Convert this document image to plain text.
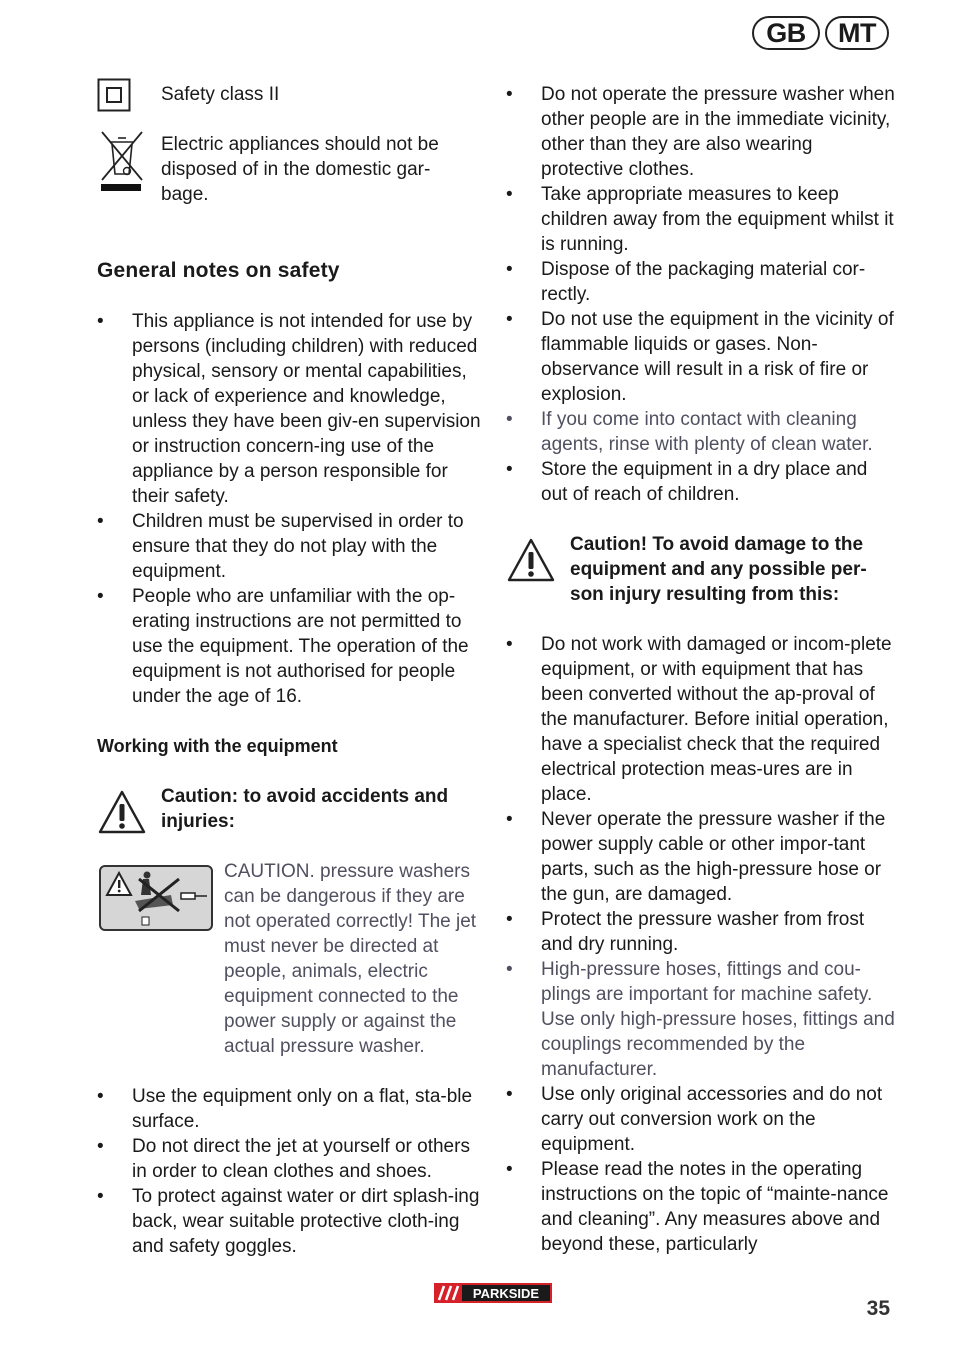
GB	MT
Safety class II
Electric appliances should not be disposed of in the domestic gar-bage.
General notes on safety
•	This appliance is not intended for use by persons (including children) with reduced physical, sensory or mental capabilities, or lack of experience and knowledge, unless they have been giv-en supervision or instruction concern-ing use of the appliance by a person responsible for their safety.
•	Children must be supervised in order to ensure that they do not play with the equipment.
•	People who are unfamiliar with the op-erating instructions are not permitted to use the equipment. The operation of the equipment is not authorised for people under the age of 16.
Working with the equipment
Caution: to avoid accidents and injuries:
CAUTION. pressure washers can be dangerous if they are not operated correctly! The jet must never be directed at people, animals, electric equipment connected to the power supply or against the actual pressure washer.
•	Use the equipment only on a flat, sta-ble surface.
•	Do not direct the jet at yourself or others in order to clean clothes and shoes.
•	To protect against water or dirt splash-ing back, wear suitable protective cloth-ing and safety goggles.
•	Do not operate the pressure washer when other people are in the immediate vicinity, other than they are also wearing protective clothes.
•	Take appropriate measures to keep children away from the equipment whilst it is running.
•	Dispose of the packaging material cor-rectly.
•	Do not use the equipment in the vicinity of flammable liquids or gases. Non-observance will result in a risk of fire or explosion.
•	If you come into contact with cleaning agents, rinse with plenty of clean water.
•	Store the equipment in a dry place and out of reach of children.
Caution! To avoid damage to the equipment and any possible per-son injury resulting from this:
•	Do not work with damaged or incom-plete equipment, or with equipment that has been converted without the ap-proval of the manufacturer. Before initial operation, have a specialist check that the required electrical protection meas-ures are in place.
•	Never operate the pressure washer if the power supply cable or other impor-tant parts, such as the high-pressure hose or the gun, are damaged.
•	Protect the pressure washer from frost and dry running.
•	High-pressure hoses, fittings and cou-plings are important for machine safety. Use only high-pressure hoses, fittings and couplings recommended by the manufacturer.
•	Use only original accessories and do not carry out conversion work on the equipment.
•	Please read the notes in the operating instructions on the topic of “mainte-nance and cleaning”. Any measures above and beyond these, particularly
PARKSIDE
35
